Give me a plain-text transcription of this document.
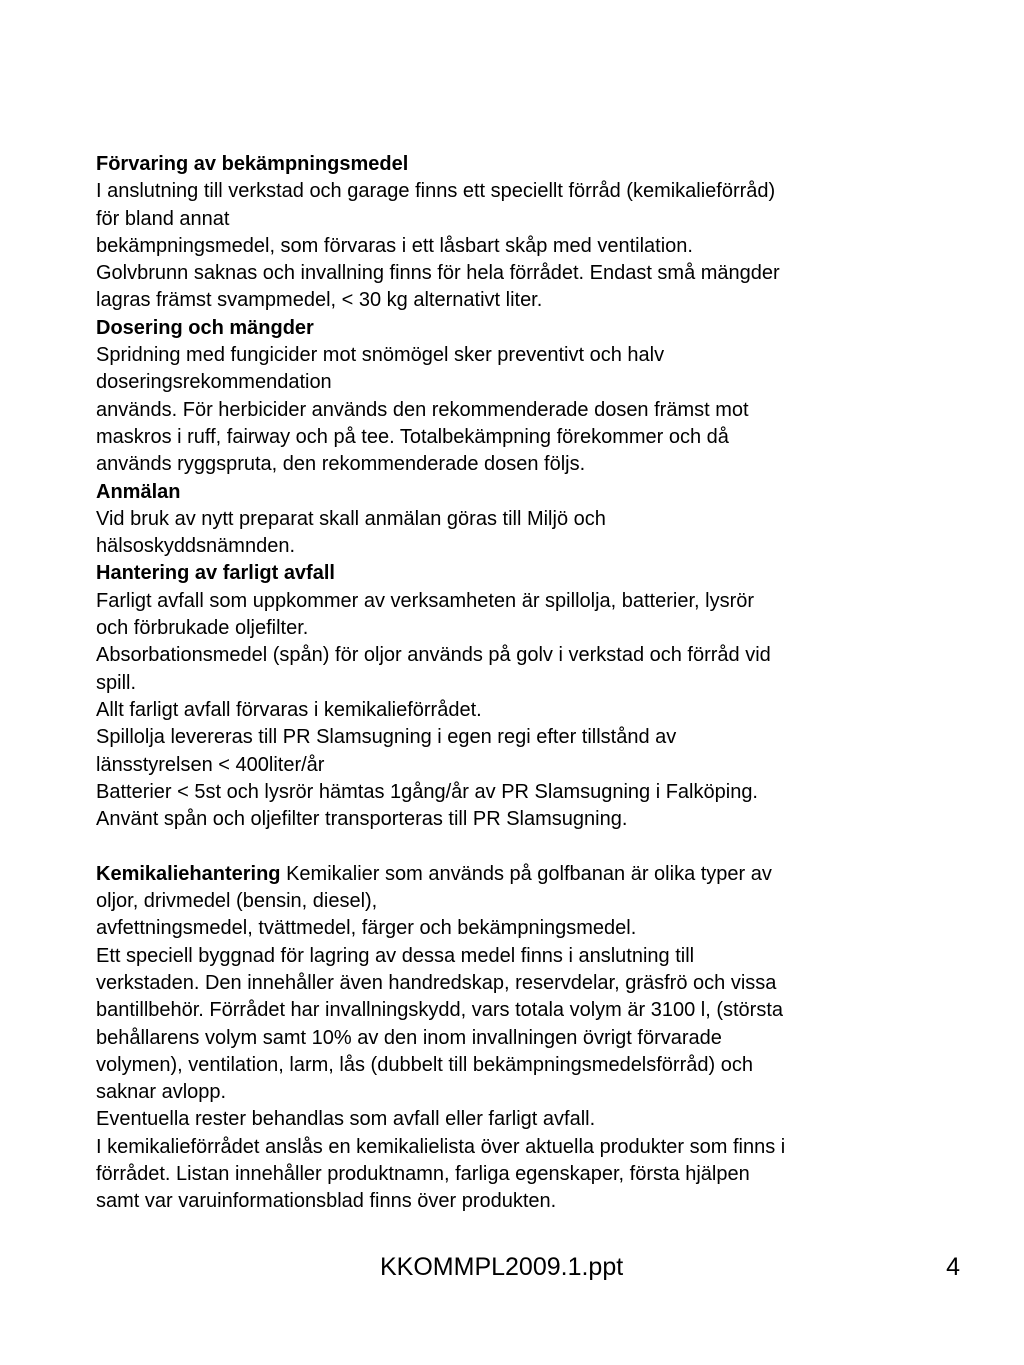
Förvaring av bekämpningsmedel
I anslutning till verkstad och garage finns ett speciellt förråd (kemikalieförråd)
för bland annat
bekämpningsmedel, som förvaras i ett låsbart skåp med ventilation.
Golvbrunn saknas och invallning finns för hela förrådet. Endast små mängder
lagras främst svampmedel, < 30 kg alternativt liter.
Dosering och mängder
Spridning med fungicider mot snömögel sker preventivt och halv
doseringsrekommendation
används. För herbicider används den rekommenderade dosen främst mot
maskros i ruff, fairway och på tee. Totalbekämpning förekommer och då
används ryggspruta, den rekommenderade dosen följs.
Anmälan
Vid bruk av nytt preparat skall anmälan göras till Miljö och
hälsoskyddsnämnden.
Hantering av farligt avfall
Farligt avfall som uppkommer av verksamheten är spillolja, batterier, lysrör
och förbrukade oljefilter.
Absorbationsmedel (spån) för oljor används på golv i verkstad och förråd vid
spill.
Allt farligt avfall förvaras i kemikalieförrådet.
Spillolja levereras till PR Slamsugning i egen regi efter tillstånd av
länsstyrelsen < 400liter/år
Batterier < 5st och lysrör hämtas 1gång/år av PR Slamsugning i Falköping.
Använt spån och oljefilter transporteras till PR Slamsugning.
Kemikaliehantering Kemikalier som används på golfbanan är olika typer av
oljor, drivmedel (bensin, diesel),
avfettningsmedel, tvättmedel, färger och bekämpningsmedel.
Ett speciell byggnad för lagring av dessa medel finns i anslutning till
verkstaden. Den innehåller även handredskap, reservdelar, gräsfrö och vissa
bantillbehör. Förrådet har invallningskydd, vars totala volym är 3100 l, (största
behållarens volym samt 10% av den inom invallningen övrigt förvarade
volymen), ventilation, larm, lås (dubbelt till bekämpningsmedelsförråd) och
saknar avlopp.
Eventuella rester behandlas som avfall eller farligt avfall.
I kemikalieförrådet anslås en kemikalielista över aktuella produkter som finns i
förrådet. Listan innehåller produktnamn, farliga egenskaper, första hjälpen
samt var varuinformationsblad finns över produkten.
KKOMMPL2009.1.ppt	4
